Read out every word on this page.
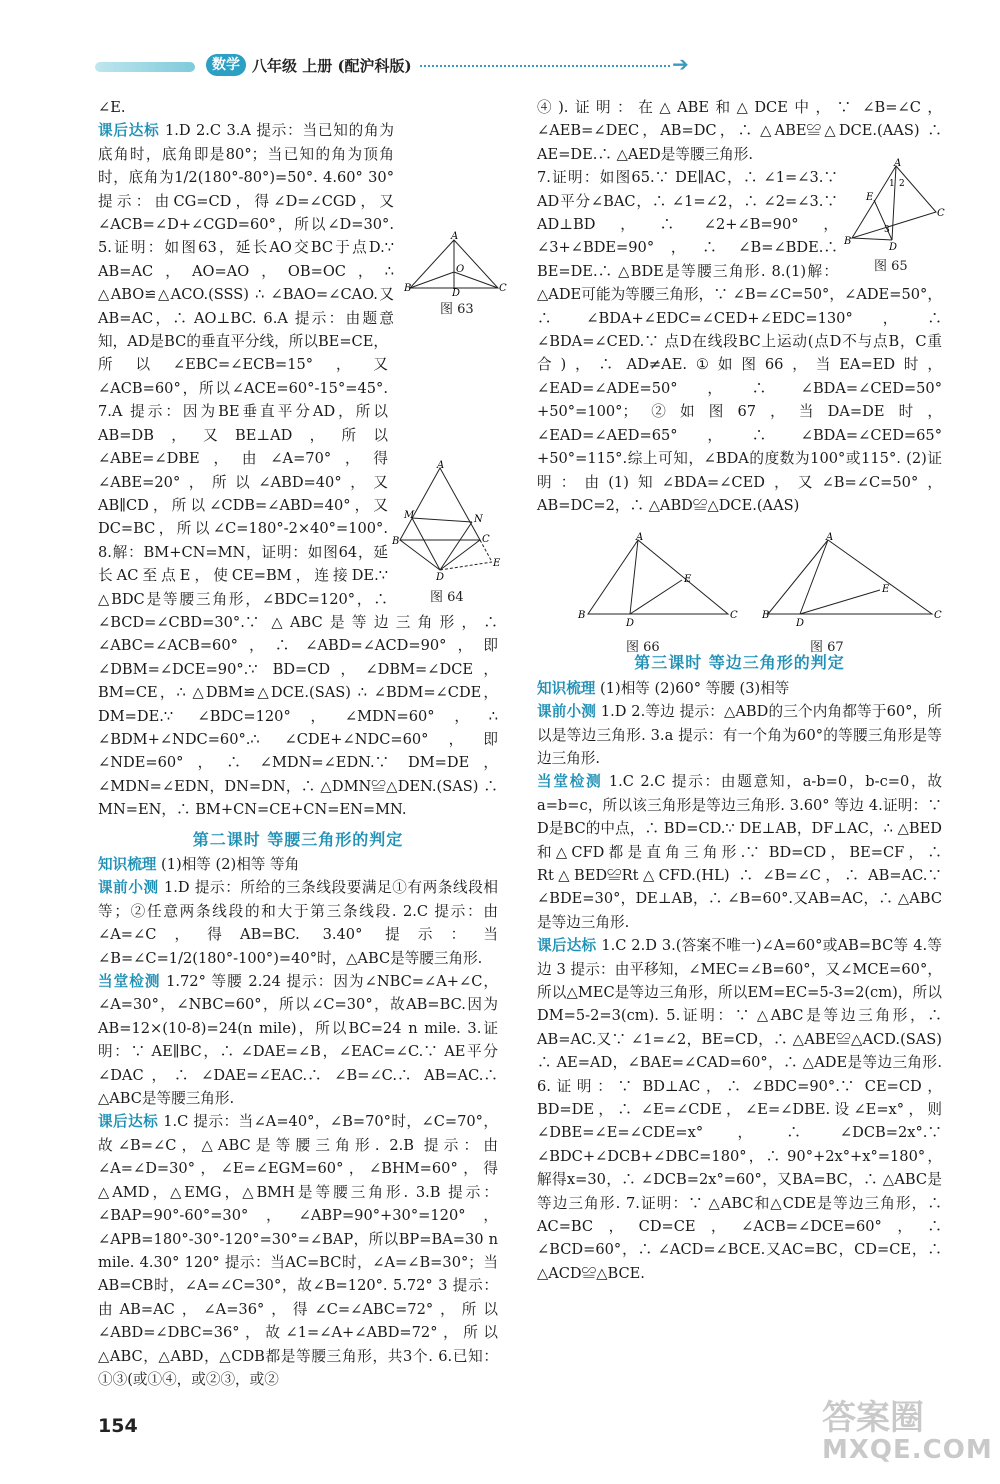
数学 八年级 上册 (配沪科版)	➔

∠E.

课后达标 1.D 2.C 3.A 提示：当已知的角为底角时，底角即是80°；当已知的角为顶角时，底角为1/2(180°-80°)=50°. 4.60° 30° 提示：由CG=CD，得∠D=∠CGD，又∠ACB=∠D+∠CGD=60°，所以∠D=30°. 5.证明：如图63，延长AO交BC于点D.∵ AB=AC，AO=AO，OB=OC，∴ △ABO≌△ACO.(SSS) ∴ ∠BAO=∠CAO.又AB=AC，∴ AO⊥BC. 6.A 提示：由题意知，AD是BC的垂直平分线，所以BE=CE，所以∠EBC=∠ECB=15°，又∠ACB=60°，所以∠ACE=60°-15°=45°. 7.A 提示：因为BE垂直平分AD，所以AB=DB，又BE⊥AD，所以∠ABE=∠DBE，由∠A=70°，得∠ABE=20°，所以∠ABD=40°，又AB∥CD，所以∠CDB=∠ABD=40°，又DC=BC，所以∠C=180°-2×40°=100°. 8.解：BM+CN=MN，证明：如图64，延长AC至点E，使CE=BM，连接DE.∵ △BDC是等腰三角形，∠BDC=120°，∴ ∠BCD=∠CBD=30°.∵ △ABC是等边三角形，∴ ∠ABC=∠ACB=60°，∴ ∠ABD=∠ACD=90°，即∠DBM=∠DCE=90°.∵ BD=CD，∠DBM=∠DCE，BM=CE，∴ △DBM≌△DCE.(SAS) ∴ ∠BDM=∠CDE，DM=DE.∵ ∠BDC=120°，∠MDN=60°，∴ ∠BDM+∠NDC=60°.∴ ∠CDE+∠NDC=60°，即∠NDE=60°，∴ ∠MDN=∠EDN.∵ DM=DE，∠MDN=∠EDN，DN=DN，∴ △DMN≌△DEN.(SAS) ∴ MN=EN，∴ BM+CN=CE+CN=EN=MN.

第二课时 等腰三角形的判定

知识梳理 (1)相等 (2)相等 等角

课前小测 1.D 提示：所给的三条线段要满足①有两条线段相等；②任意两条线段的和大于第三条线段. 2.C 提示：由∠A=∠C，得AB=BC. 3.40° 提示：当∠B=∠C=1/2(180°-100°)=40°时，△ABC是等腰三角形.

当堂检测 1.72° 等腰 2.24 提示：因为∠NBC=∠A+∠C，∠A=30°，∠NBC=60°，所以∠C=30°，故AB=BC.因为AB=12×(10-8)=24(n mile)，所以BC=24 n mile. 3.证明：∵ AE∥BC，∴ ∠DAE=∠B，∠EAC=∠C.∵ AE平分∠DAC，∴ ∠DAE=∠EAC.∴ ∠B=∠C.∴ AB=AC.∴ △ABC是等腰三角形.

课后达标 1.C 提示：当∠A=40°，∠B=70°时，∠C=70°，故∠B=∠C，△ABC是等腰三角形. 2.B 提示：由∠A=∠D=30°，∠E=∠EGM=60°，∠BHM=60°，得△AMD，△EMG，△BMH是等腰三角形. 3.B 提示：∠BAP=90°-60°=30°，∠ABP=90°+30°=120°，∠APB=180°-30°-120°=30°=∠BAP，所以BP=BA=30 n mile. 4.30° 120° 提示：当AC=BC时，∠A=∠B=30°；当AB=CB时，∠A=∠C=30°，故∠B=120°. 5.72° 3 提示：由AB=AC，∠A=36°，得∠C=∠ABC=72°，所以∠ABD=∠DBC=36°，故∠1=∠A+∠ABD=72°，所以△ABC，△ABD，△CDB都是等腰三角形，共3个. 6.已知：①③(或①④，或②③，或②

④).证明：在△ABE和△DCE中，∵ ∠B=∠C，∠AEB=∠DEC，AB=DC，∴ △ABE≌△DCE.(AAS) ∴ AE=DE.∴ △AED是等腰三角形.

7.证明：如图65.∵ DE∥AC，∴ ∠1=∠3.∵ AD平分∠BAC，∴ ∠1=∠2，∴ ∠2=∠3.∵ AD⊥BD，∴ ∠2+∠B=90°，∠3+∠BDE=90°，∴ ∠B=∠BDE.∴ BE=DE.∴ △BDE是等腰三角形. 8.(1)解：△ADE可能为等腰三角形，∵ ∠B=∠C=50°，∠ADE=50°，∴ ∠BDA+∠EDC=∠CED+∠EDC=130°，∴ ∠BDA=∠CED.∵ 点D在线段BC上运动(点D不与点B，C重合)，∴ AD≠AE.①如图66，当EA=ED时，∠EAD=∠ADE=50°，∴ ∠BDA=∠CED=50°+50°=100°；②如图67，当DA=DE时，∠EAD=∠AED=65°，∴ ∠BDA=∠CED=65°+50°=115°.综上可知，∠BDA的度数为100°或115°. (2)证明：由(1)知∠BDA=∠CED，又∠B=∠C=50°，AB=DC=2，∴ △ABD≌△DCE.(AAS)

第三课时 等边三角形的判定

知识梳理 (1)相等 (2)60° 等腰 (3)相等

课前小测 1.D 2.等边 提示：△ABD的三个内角都等于60°，所以是等边三角形. 3.a 提示：有一个角为60°的等腰三角形是等边三角形.

当堂检测 1.C 2.C 提示：由题意知，a-b=0，b-c=0，故a=b=c，所以该三角形是等边三角形. 3.60° 等边 4.证明：∵ D是BC的中点，∴ BD=CD.∵ DE⊥AB，DF⊥AC，∴ △BED和△CFD都是直角三角形.∵ BD=CD，BE=CF，∴ Rt△BED≌Rt△CFD.(HL) ∴ ∠B=∠C，∴ AB=AC.∵ ∠BDE=30°，DE⊥AB，∴ ∠B=60°.又AB=AC，∴ △ABC是等边三角形.

课后达标 1.C 2.D 3.(答案不唯一)∠A=60°或AB=BC等 4.等边 3 提示：由平移知，∠MEC=∠B=60°，又∠MCE=60°，所以△MEC是等边三角形，所以EM=EC=5-3=2(cm)，所以DM=5-2=3(cm). 5.证明：∵ △ABC是等边三角形，∴ AB=AC.又∵ ∠1=∠2，BE=CD，∴ △ABE≌△ACD.(SAS) ∴ AE=AD，∠BAE=∠CAD=60°，∴ △ADE是等边三角形. 6.证明：∵ BD⊥AC，∴ ∠BDC=90°.∵ CE=CD，BD=DE，∴ ∠E=∠CDE，∠E=∠DBE.设∠E=x°，则∠DBE=∠E=∠CDE=x°，∴ ∠DCB=2x°.∵ ∠BDC+∠DCB+∠DBC=180°，∴ 90°+2x°+x°=180°，解得x=30，∴ ∠DCB=2x°=60°，又BA=BC，∴ △ABC是等边三角形. 7.证明：∵ △ABC和△CDE是等边三角形，∴ AC=BC，CD=CE，∠ACB=∠DCE=60°，∴ ∠BCD=60°，∴ ∠ACD=∠BCE.又AC=BC，CD=CE，∴ △ACD≌△BCE.

A
B	C
O
D
图 63
A
B	C
M	N
D
E
图 64
A
B
C
D
E
1 2
3
图 65
A
B	C
D
E
图 66
A
B	C
D
E
图 67
154	答案圈
MXQE.COM
